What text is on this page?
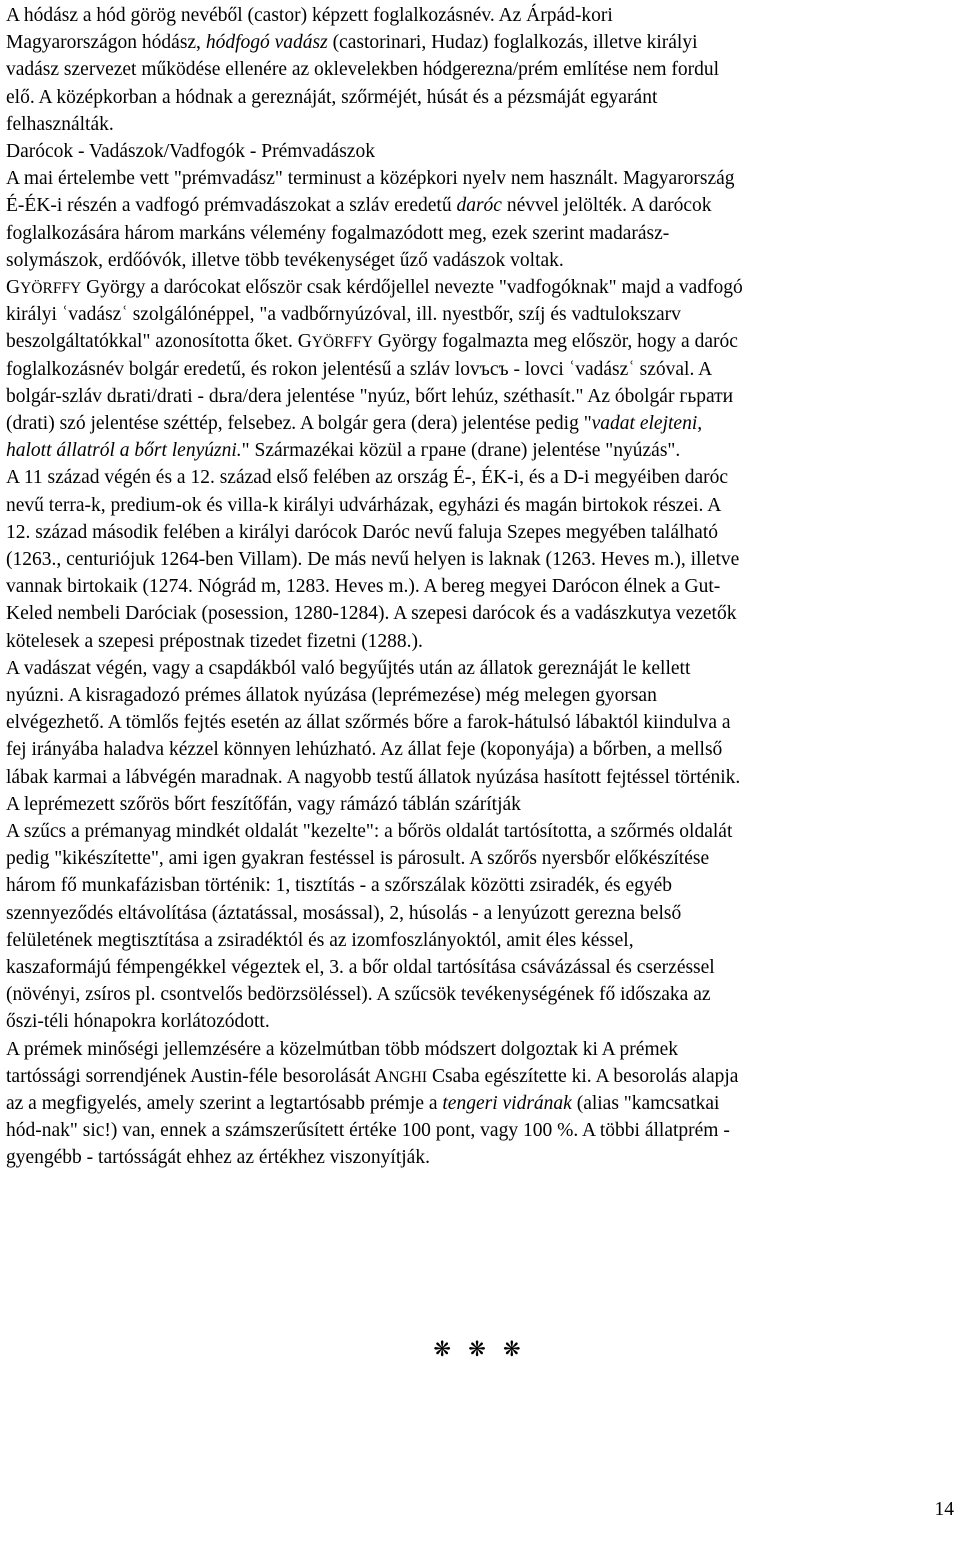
A hódász a hód görög nevéből (castor) képzett foglalkozásnév. Az Árpád-kori
Magyarországon hódász, hódfogó vadász (castorinari, Hudaz) foglalkozás, illetve királyi
vadász szervezet működése ellenére az oklevelekben hódgerezna/prém említése nem fordul
elő. A középkorban a hódnak a gereznáját, szőrméjét, húsát és a pézsmáját egyaránt
felhasználták.
Darócok - Vadászok/Vadfogók - Prémvadászok
A mai értelembe vett "prémvadász" terminust a középkori nyelv nem használt. Magyarország
É-ÉK-i részén a vadfogó prémvadászokat a szláv eredetű daróc névvel jelölték. A darócok
foglalkozására három markáns vélemény fogalmazódott meg, ezek szerint madarász-
solymászok, erdőóvók, illetve több tevékenységet űző vadászok voltak.
GYÖRFFY György a darócokat először csak kérdőjellel nevezte "vadfogóknak" majd a vadfogó
királyi ʿvadászʿ szolgálónéppel, "a vadbőrnyúzóval, ill. nyestbőr, szíj és vadtulokszarv
beszolgáltatókkal" azonosította őket. GYÖRFFY György fogalmazta meg először, hogy a daróc
foglalkozásnév bolgár eredetű, és rokon jelentésű a szláv lovъсъ - lovci ʿvadászʿ szóval. A
bolgár-szláv dьrati/drati - dьra/dera jelentése "nyúz, bőrt lehúz, széthasít." Az óbolgár гьрати
(drati) szó jelentése széttép, felsebez. A bolgár gera (dera) jelentése pedig "vadat elejteni,
halott állatról a bőrt lenyúzni." Származékai közül a гране (drane) jelentése "nyúzás".
A 11 század végén és a 12. század első felében az ország É-, ÉK-i, és a D-i megyéiben daróc
nevű terra-k, predium-ok és villa-k királyi udvárházak, egyházi és magán birtokok részei. A
12. század második felében a királyi darócok Daróc nevű faluja Szepes megyében található
(1263., centuriójuk 1264-ben Villam). De más nevű helyen is laknak (1263. Heves m.), illetve
vannak birtokaik (1274. Nógrád m, 1283. Heves m.). A bereg megyei Darócon élnek a Gut-
Keled nembeli Daróciak (posession, 1280-1284). A szepesi darócok és a vadászkutya vezetők
kötelesek a szepesi prépostnak tizedet fizetni (1288.).
A vadászat végén, vagy a csapdákból való begyűjtés után az állatok gereznáját le kellett
nyúzni. A kisragadozó prémes állatok nyúzása (leprémezése) még melegen gyorsan
elvégezhető. A tömlős fejtés esetén az állat szőrmés bőre a farok-hátulsó lábaktól kiindulva a
fej irányába haladva kézzel könnyen lehúzható. Az állat feje (koponyája) a bőrben, a mellső
lábak karmai a lábvégén maradnak. A nagyobb testű állatok nyúzása hasított fejtéssel történik.
A leprémezett szőrös bőrt feszítőfán, vagy rámázó táblán szárítják
A szűcs a prémanyag mindkét oldalát "kezelte": a bőrös oldalát tartósította, a szőrmés oldalát
pedig "kikészítette", ami igen gyakran festéssel is párosult. A szőrős nyersbőr előkészítése
három fő munkafázisban történik: 1, tisztítás - a szőrszálak közötti zsiradék, és egyéb
szennyeződés eltávolítása (áztatással, mosással), 2, húsolás - a lenyúzott gerezna belső
felületének megtisztítása a zsiradéktól és az izomfoszlányoktól, amit éles késsel,
kaszaformájú fémpengékkel végeztek el, 3. a bőr oldal tartósítása csávázással és cserzéssel
(növényi, zsíros pl. csontvelős bedörzsöléssel). A szűcsök tevékenységének fő időszaka az
őszi-téli hónapokra korlátozódott.
A prémek minőségi jellemzésére a közelmútban több módszert dolgoztak ki A prémek
tartóssági sorrendjének Austin-féle besorolását ANGHI Csaba egészítette ki. A besorolás alapja
az a megfigyelés, amely szerint a legtartósabb prémje a tengeri vidrának (alias "kamcsatkai
hód-nak" sic!) van, ennek a számszerűsített értéke 100 pont, vagy 100 %. A többi állatprém -
gyengébb - tartósságát ehhez az értékhez viszonyítják.
❋ ❋ ❋
14
